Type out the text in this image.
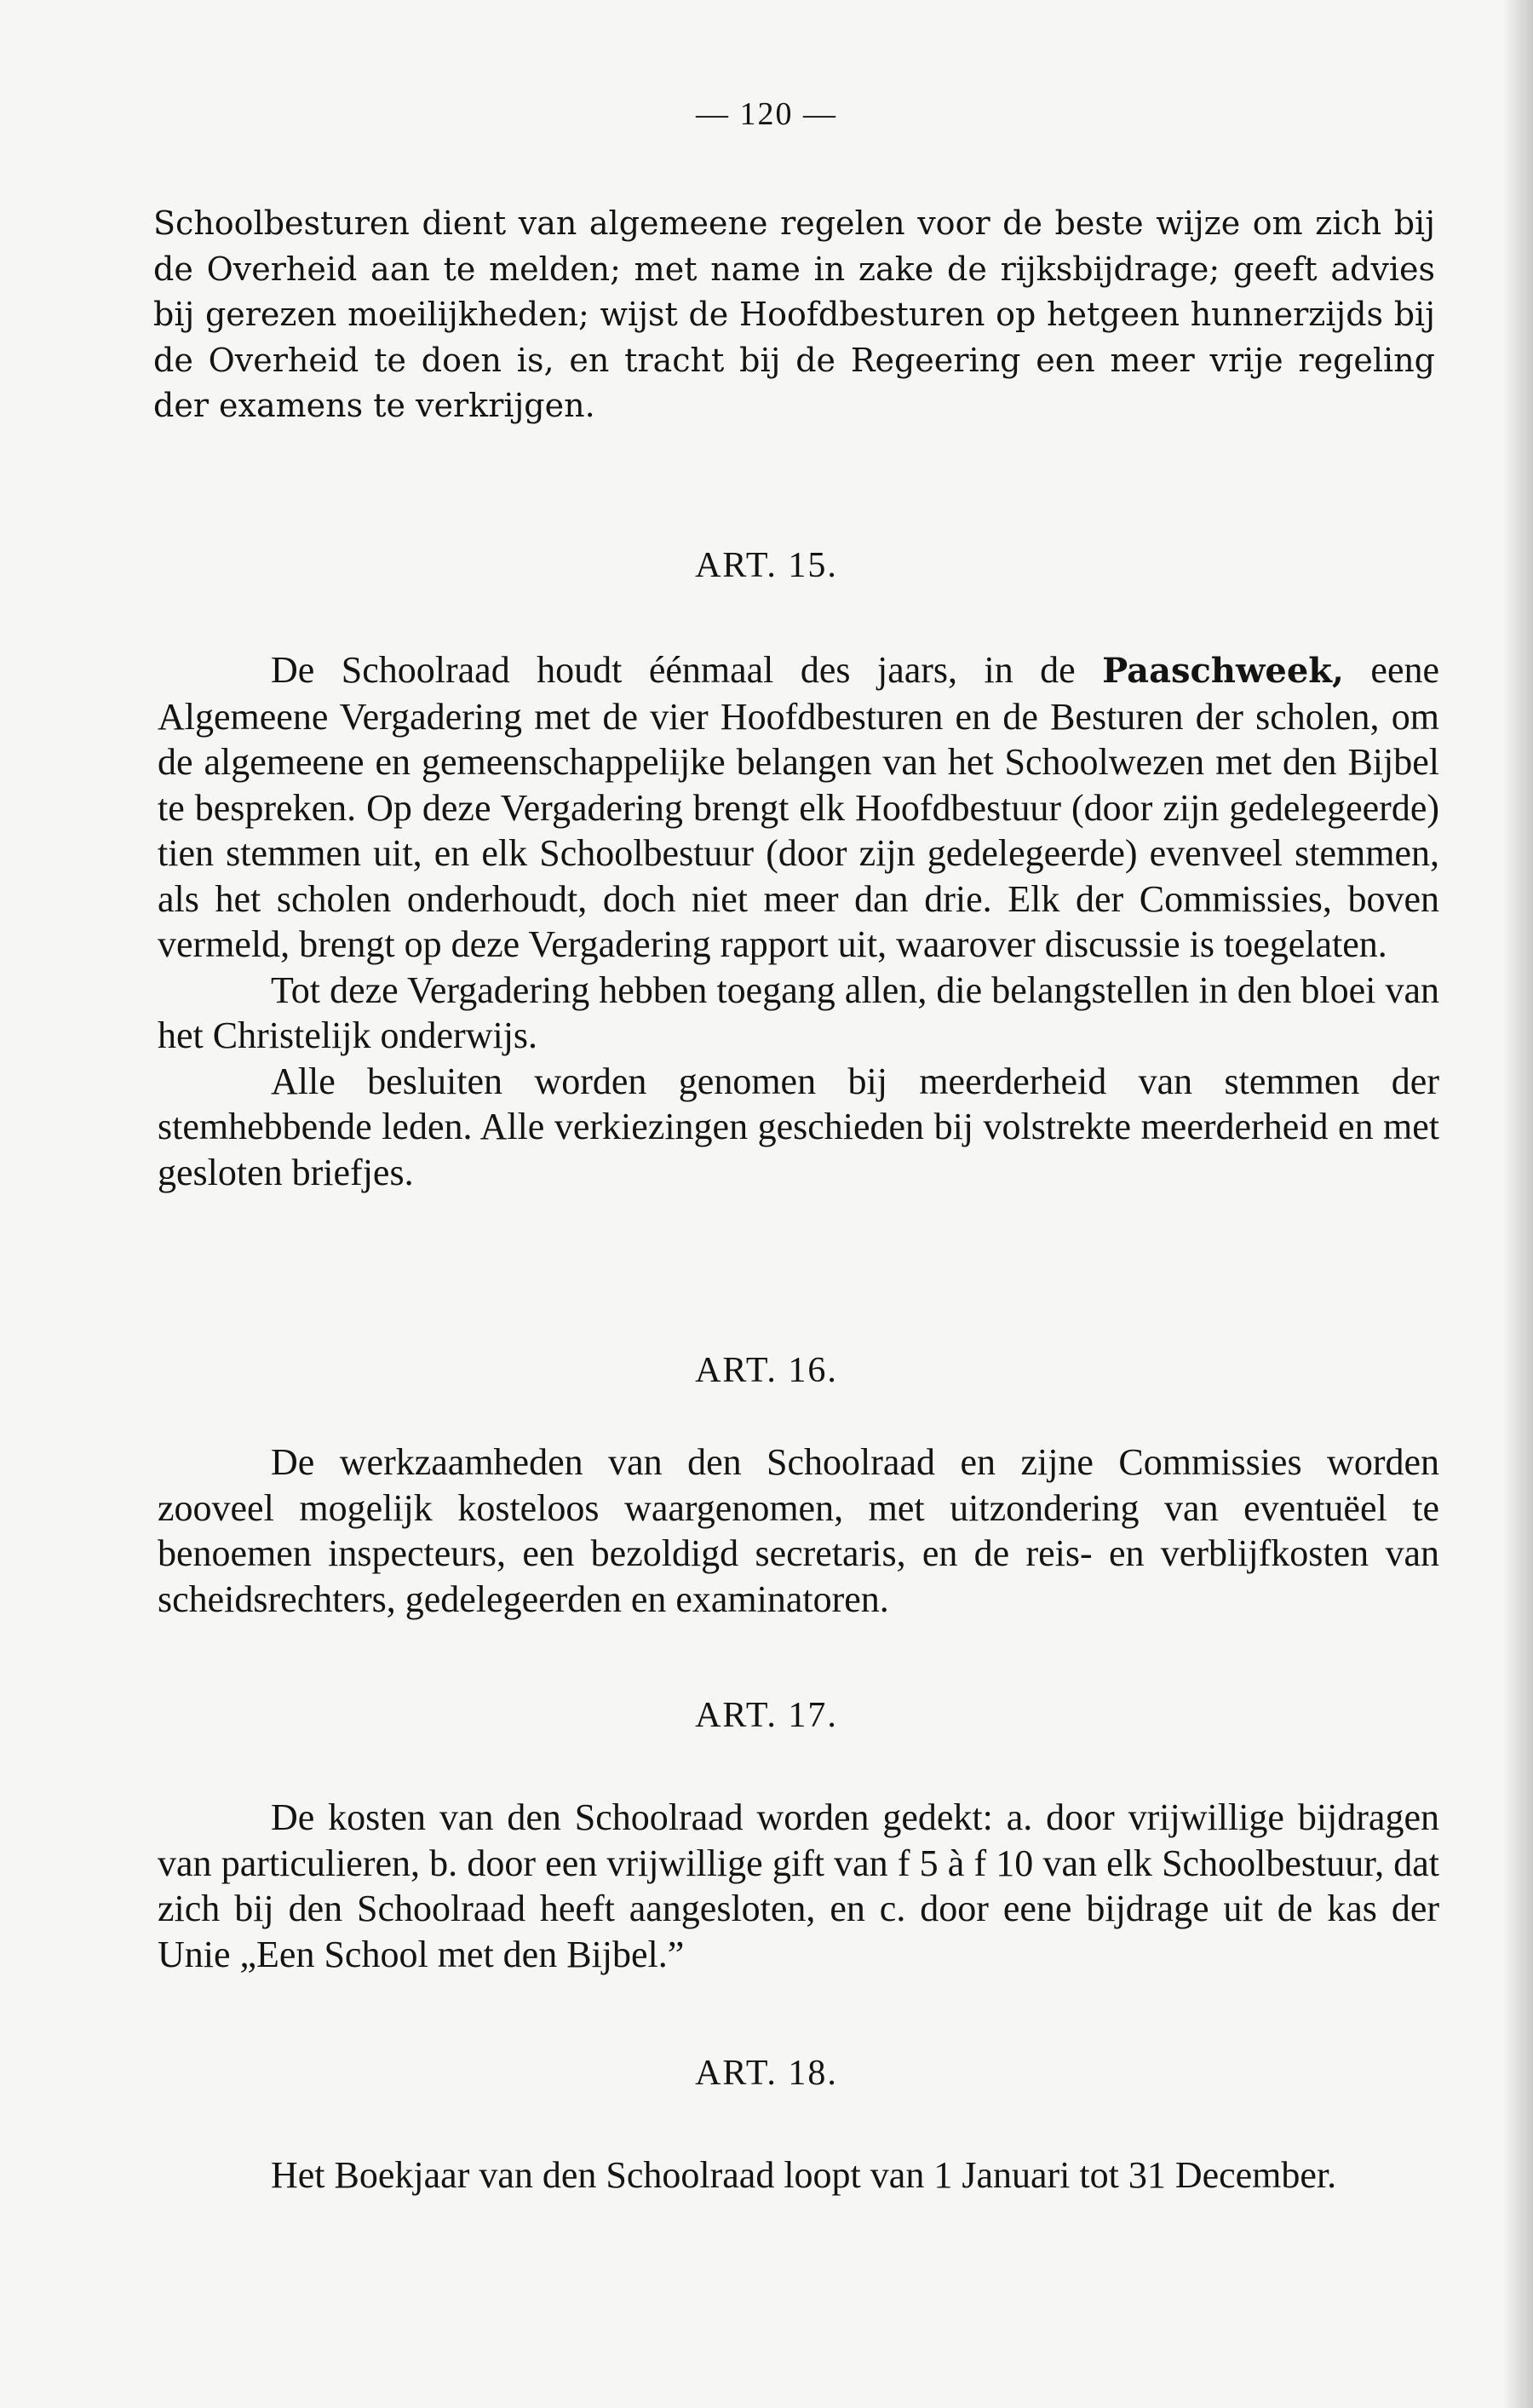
— 120 —

Schoolbesturen dient van algemeene regelen voor de beste wijze om zich bij de Overheid aan te melden; met name in zake de rijksbijdrage; geeft advies bij gerezen moeilijkheden; wijst de Hoofdbesturen op hetgeen hunnerzijds bij de Overheid te doen is, en tracht bij de Regeering een meer vrije regeling der examens te verkrijgen.

ART. 15.

De Schoolraad houdt éénmaal des jaars, in de Paaschweek, eene Algemeene Vergadering met de vier Hoofdbesturen en de Besturen der scholen, om de algemeene en gemeenschappelijke belangen van het Schoolwezen met den Bijbel te bespreken. Op deze Vergadering brengt elk Hoofdbestuur (door zijn gedelegeerde) tien stemmen uit, en elk Schoolbestuur (door zijn gedelegeerde) evenveel stemmen, als het scholen onderhoudt, doch niet meer dan drie. Elk der Commissies, boven vermeld, brengt op deze Vergadering rapport uit, waarover discussie is toegelaten.

Tot deze Vergadering hebben toegang allen, die belangstellen in den bloei van het Christelijk onderwijs.

Alle besluiten worden genomen bij meerderheid van stemmen der stemhebbende leden. Alle verkiezingen geschieden bij volstrekte meerderheid en met gesloten briefjes.

ART. 16.

De werkzaamheden van den Schoolraad en zijne Commissies worden zooveel mogelijk kosteloos waargenomen, met uitzondering van eventuëel te benoemen inspecteurs, een bezoldigd secretaris, en de reis- en verblijfkosten van scheidsrechters, gedelegeerden en examinatoren.

ART. 17.

De kosten van den Schoolraad worden gedekt: a. door vrijwillige bijdragen van particulieren, b. door een vrijwillige gift van f 5 à f 10 van elk Schoolbestuur, dat zich bij den Schoolraad heeft aangesloten, en c. door eene bijdrage uit de kas der Unie „Een School met den Bijbel.”

ART. 18.

Het Boekjaar van den Schoolraad loopt van 1 Januari tot 31 December.
